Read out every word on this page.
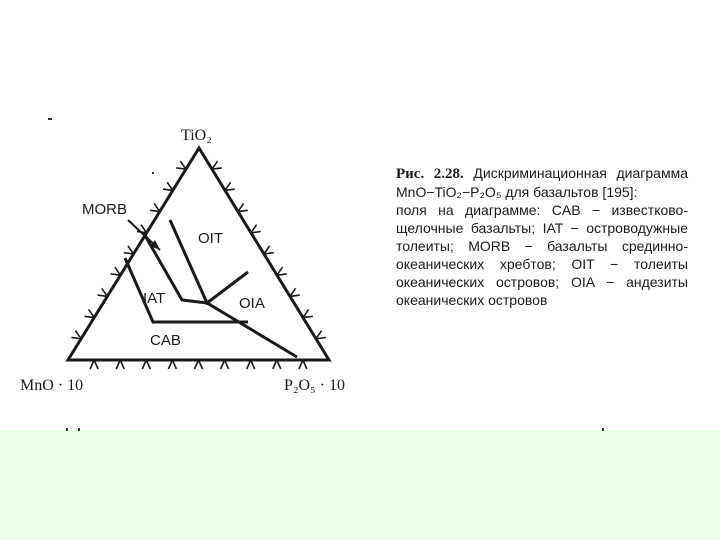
TiO₂
MnO · 10	P₂O₅ · 10
MORB
OIT
IAT	OIA
CAB
Рис. 2.28. Дискриминационная диаграмма MnO−TiO₂−P₂O₅ для базальтов [195]:
поля на диаграмме: CAB − известково-щелочные базальты; IAT − островодужные толеиты; MORB − базальты срединно-океанических хребтов; OIT − толеиты океанических островов; OIA − андезиты океанических островов
